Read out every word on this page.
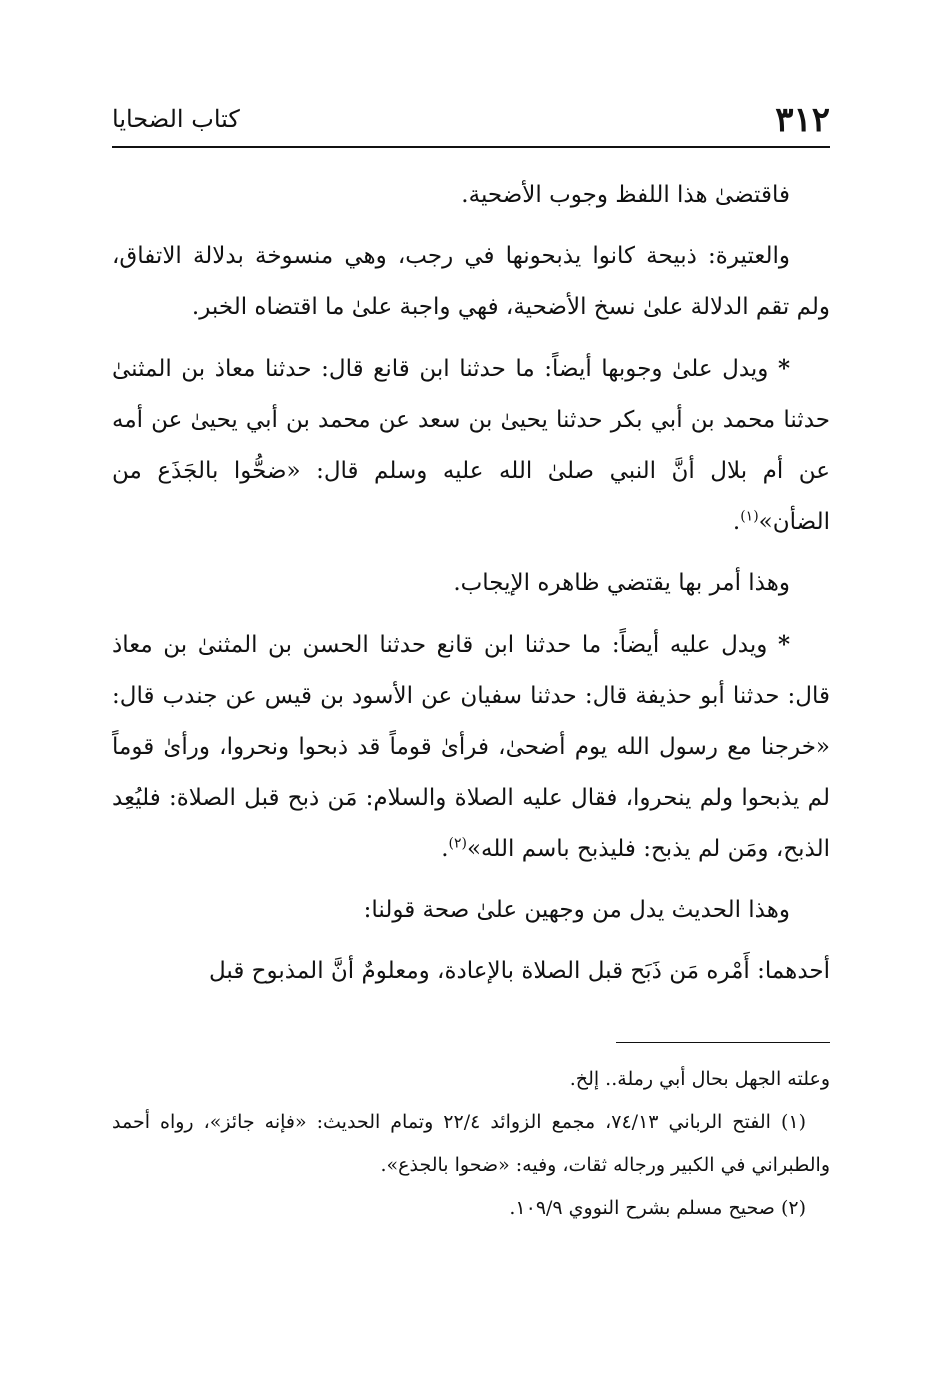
٣١٢
كتاب الضحايا

فاقتضىٰ هذا اللفظ وجوب الأضحية.

والعتيرة: ذبيحة كانوا يذبحونها في رجب، وهي منسوخة بدلالة الاتفاق، ولم تقم الدلالة علىٰ نسخ الأضحية، فهي واجبة علىٰ ما اقتضاه الخبر.

* ويدل علىٰ وجوبها أيضاً: ما حدثنا ابن قانع قال: حدثنا معاذ بن المثنىٰ حدثنا محمد بن أبي بكر حدثنا يحيىٰ بن سعد عن محمد بن أبي يحيىٰ عن أمه عن أم بلال أنَّ النبي صلىٰ الله عليه وسلم قال: «ضحُّوا بالجَذَع من الضأن»$^{(١)}$.

وهذا أمر بها يقتضي ظاهره الإيجاب.

* ويدل عليه أيضاً: ما حدثنا ابن قانع حدثنا الحسن بن المثنىٰ بن معاذ قال: حدثنا أبو حذيفة قال: حدثنا سفيان عن الأسود بن قيس عن جندب قال: «خرجنا مع رسول الله يوم أضحىٰ، فرأىٰ قوماً قد ذبحوا ونحروا، ورأىٰ قوماً لم يذبحوا ولم ينحروا، فقال عليه الصلاة والسلام: مَن ذبح قبل الصلاة: فليُعِد الذبح، ومَن لم يذبح: فليذبح باسم الله»$^{(٢)}$.

وهذا الحديث يدل من وجهين علىٰ صحة قولنا:

أحدهما: أَمْره مَن ذَبَح قبل الصلاة بالإعادة، ومعلومٌ أنَّ المذبوح قبل

وعلته الجهل بحال أبي رملة.. إلخ.

(١) الفتح الرباني ٧٤/١٣، مجمع الزوائد ٢٢/٤ وتمام الحديث: «فإنه جائز»، رواه أحمد والطبراني في الكبير ورجاله ثقات، وفيه: «ضحوا بالجذع».

(٢) صحيح مسلم بشرح النووي ١٠٩/٩.
